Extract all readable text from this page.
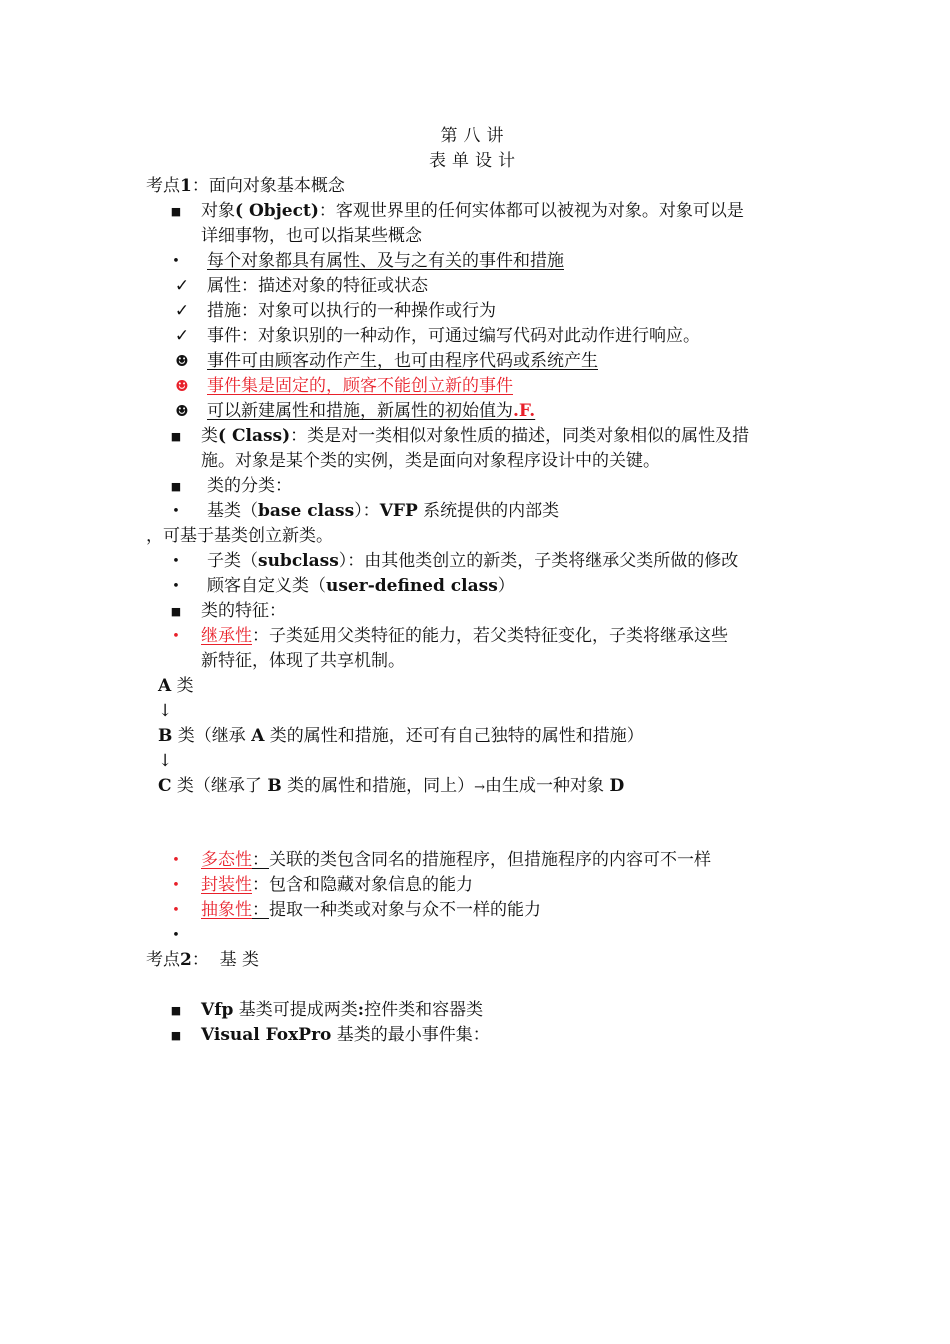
第八讲
表单设计
考点1：面向对象基本概念
■ 对象( Object)：客观世界里的任何实体都可以被视为对象。对象可以是
详细事物，也可以指某些概念
•	每个对象都具有属性、及与之有关的事件和措施
✓ 属性：描述对象的特征或状态
✓ 措施：对象可以执行的一种操作或行为
✓ 事件：对象识别的一种动作，可通过编写代码对此动作进行响应。
☻ 事件可由顾客动作产生，也可由程序代码或系统产生
☻ 事件集是固定的，顾客不能创立新的事件
☻ 可以新建属性和措施，新属性的初始值为.F.
■ 类( Class)：类是对一类相似对象性质的描述，同类对象相似的属性及措
施。对象是某个类的实例，类是面向对象程序设计中的关键。
■ 类的分类：
•	基类（base class）：VFP 系统提供的内部类
，可基于基类创立新类。
•	子类（subclass）：由其他类创立的新类，子类将继承父类所做的修改
•	顾客自定义类（user-defined class）
■ 类的特征：
•	继承性：子类延用父类特征的能力，若父类特征变化，子类将继承这些
新特征，体现了共享机制。
A 类
↓
B 类（继承 A 类的属性和措施，还可有自己独特的属性和措施）
↓
C 类（继承了 B 类的属性和措施，同上）→由生成一种对象 D
•	多态性：关联的类包含同名的措施程序，但措施程序的内容可不一样
•	封装性：包含和隐藏对象信息的能力
•	抽象性：提取一种类或对象与众不一样的能力
•
考点2：  基 类
■ Vfp 基类可提成两类:控件类和容器类
■ Visual FoxPro 基类的最小事件集：
